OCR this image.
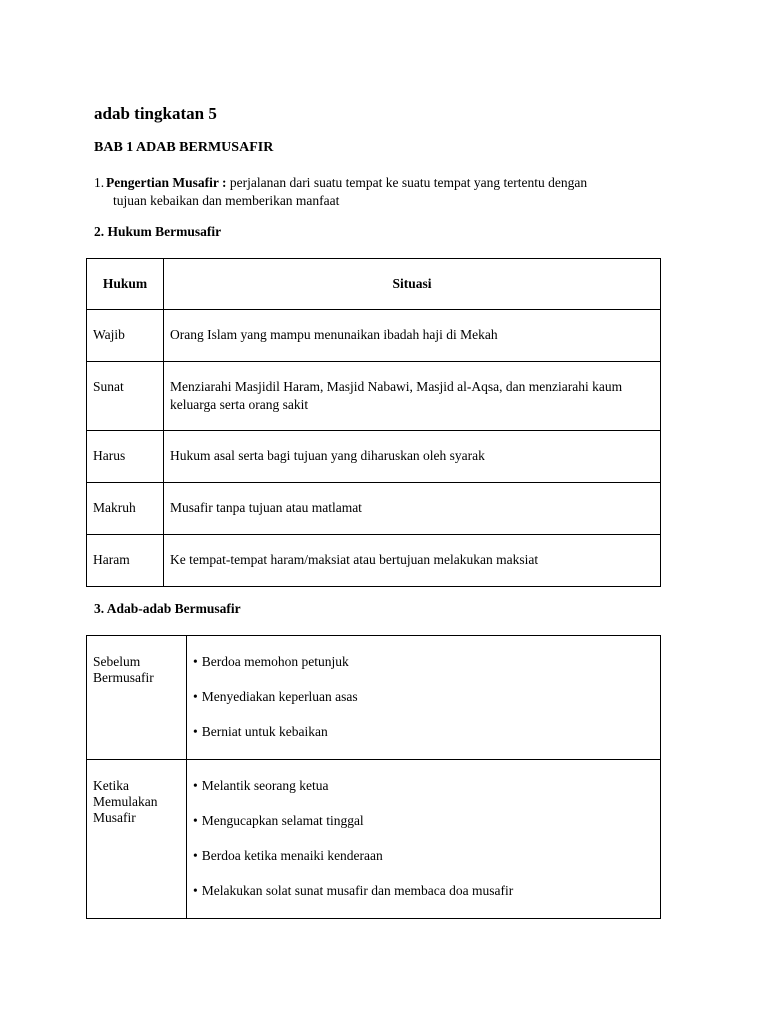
adab tingkatan 5
BAB 1 ADAB BERMUSAFIR
1. Pengertian Musafir : perjalanan dari suatu tempat ke suatu tempat yang tertentu dengan
tujuan kebaikan dan memberikan manfaat
2. Hukum Bermusafir
Hukum	Situasi
Wajib	Orang Islam yang mampu menunaikan ibadah haji di Mekah
Sunat	Menziarahi Masjidil Haram, Masjid Nabawi, Masjid al-Aqsa, dan menziarahi kaum keluarga serta orang sakit
Harus	Hukum asal serta bagi tujuan yang diharuskan oleh syarak
Makruh	Musafir tanpa tujuan atau matlamat
Haram	Ke tempat-tempat haram/maksiat atau bertujuan melakukan maksiat
3. Adab-adab Bermusafir
Sebelum Bermusafir	• Berdoa memohon petunjuk

• Menyediakan keperluan asas

• Berniat untuk kebaikan

Ketika Memulakan Musafir	• Melantik seorang ketua

• Mengucapkan selamat tinggal

• Berdoa ketika menaiki kenderaan

• Melakukan solat sunat musafir dan membaca doa musafir
